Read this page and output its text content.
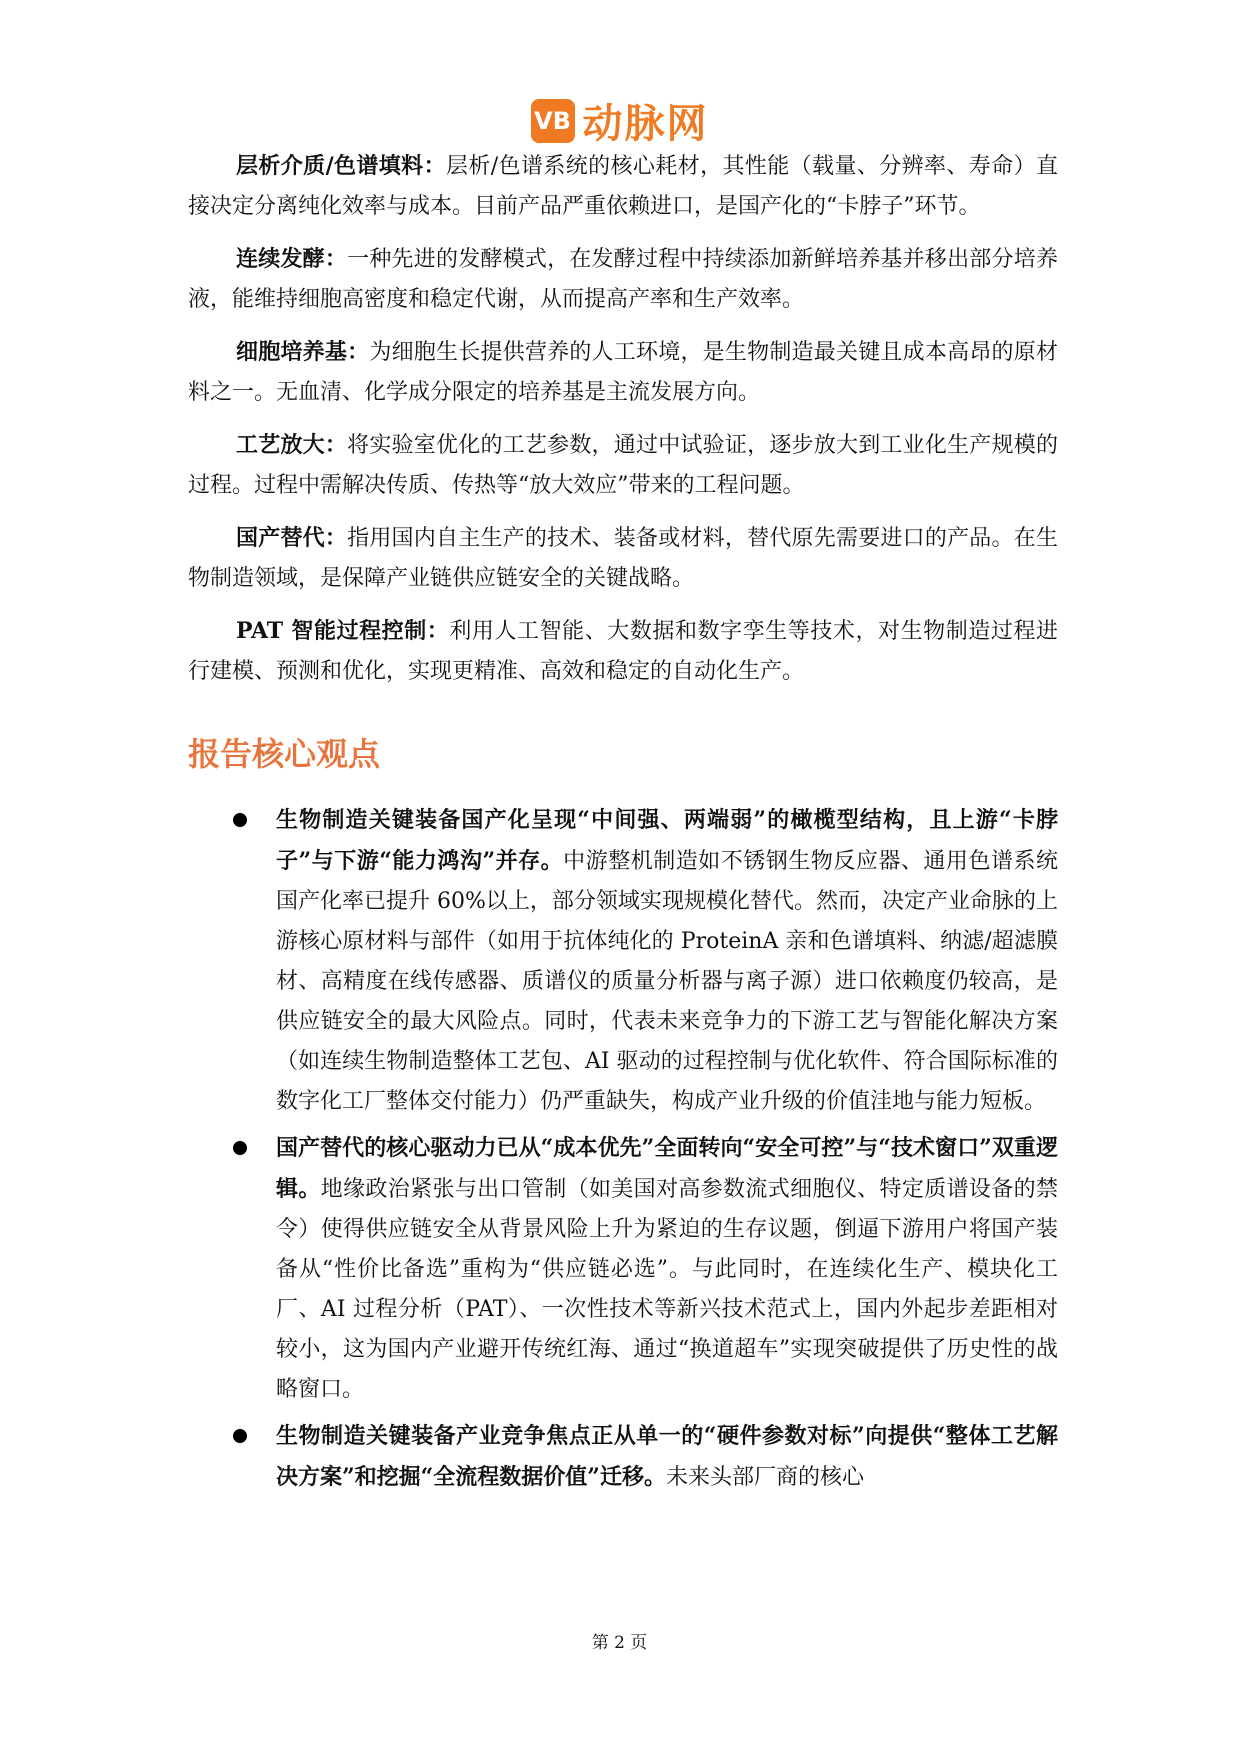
VB 动脉网

层析介质/色谱填料：层析/色谱系统的核心耗材，其性能（载量、分辨率、寿命）直接决定分离纯化效率与成本。目前产品严重依赖进口，是国产化的“卡脖子”环节。

连续发酵：一种先进的发酵模式，在发酵过程中持续添加新鲜培养基并移出部分培养液，能维持细胞高密度和稳定代谢，从而提高产率和生产效率。

细胞培养基：为细胞生长提供营养的人工环境，是生物制造最关键且成本高昂的原材料之一。无血清、化学成分限定的培养基是主流发展方向。

工艺放大：将实验室优化的工艺参数，通过中试验证，逐步放大到工业化生产规模的过程。过程中需解决传质、传热等“放大效应”带来的工程问题。

国产替代：指用国内自主生产的技术、装备或材料，替代原先需要进口的产品。在生物制造领域，是保障产业链供应链安全的关键战略。

PAT 智能过程控制：利用人工智能、大数据和数字孪生等技术，对生物制造过程进行建模、预测和优化，实现更精准、高效和稳定的自动化生产。

报告核心观点
生物制造关键装备国产化呈现“中间强、两端弱”的橄榄型结构，且上游“卡脖子”与下游“能力鸿沟”并存。中游整机制造如不锈钢生物反应器、通用色谱系统国产化率已提升 60%以上，部分领域实现规模化替代。然而，决定产业命脉的上游核心原材料与部件（如用于抗体纯化的 ProteinA 亲和色谱填料、纳滤/超滤膜材、高精度在线传感器、质谱仪的质量分析器与离子源）进口依赖度仍较高，是供应链安全的最大风险点。同时，代表未来竞争力的下游工艺与智能化解决方案（如连续生物制造整体工艺包、AI 驱动的过程控制与优化软件、符合国际标准的数字化工厂整体交付能力）仍严重缺失，构成产业升级的价值洼地与能力短板。
国产替代的核心驱动力已从“成本优先”全面转向“安全可控”与“技术窗口”双重逻辑。地缘政治紧张与出口管制（如美国对高参数流式细胞仪、特定质谱设备的禁令）使得供应链安全从背景风险上升为紧迫的生存议题，倒逼下游用户将国产装备从“性价比备选”重构为“供应链必选”。与此同时，在连续化生产、模块化工厂、AI 过程分析（PAT）、一次性技术等新兴技术范式上，国内外起步差距相对较小，这为国内产业避开传统红海、通过“换道超车”实现突破提供了历史性的战略窗口。
生物制造关键装备产业竞争焦点正从单一的“硬件参数对标”向提供“整体工艺解决方案”和挖掘“全流程数据价值”迁移。未来头部厂商的核心
第 2 页
